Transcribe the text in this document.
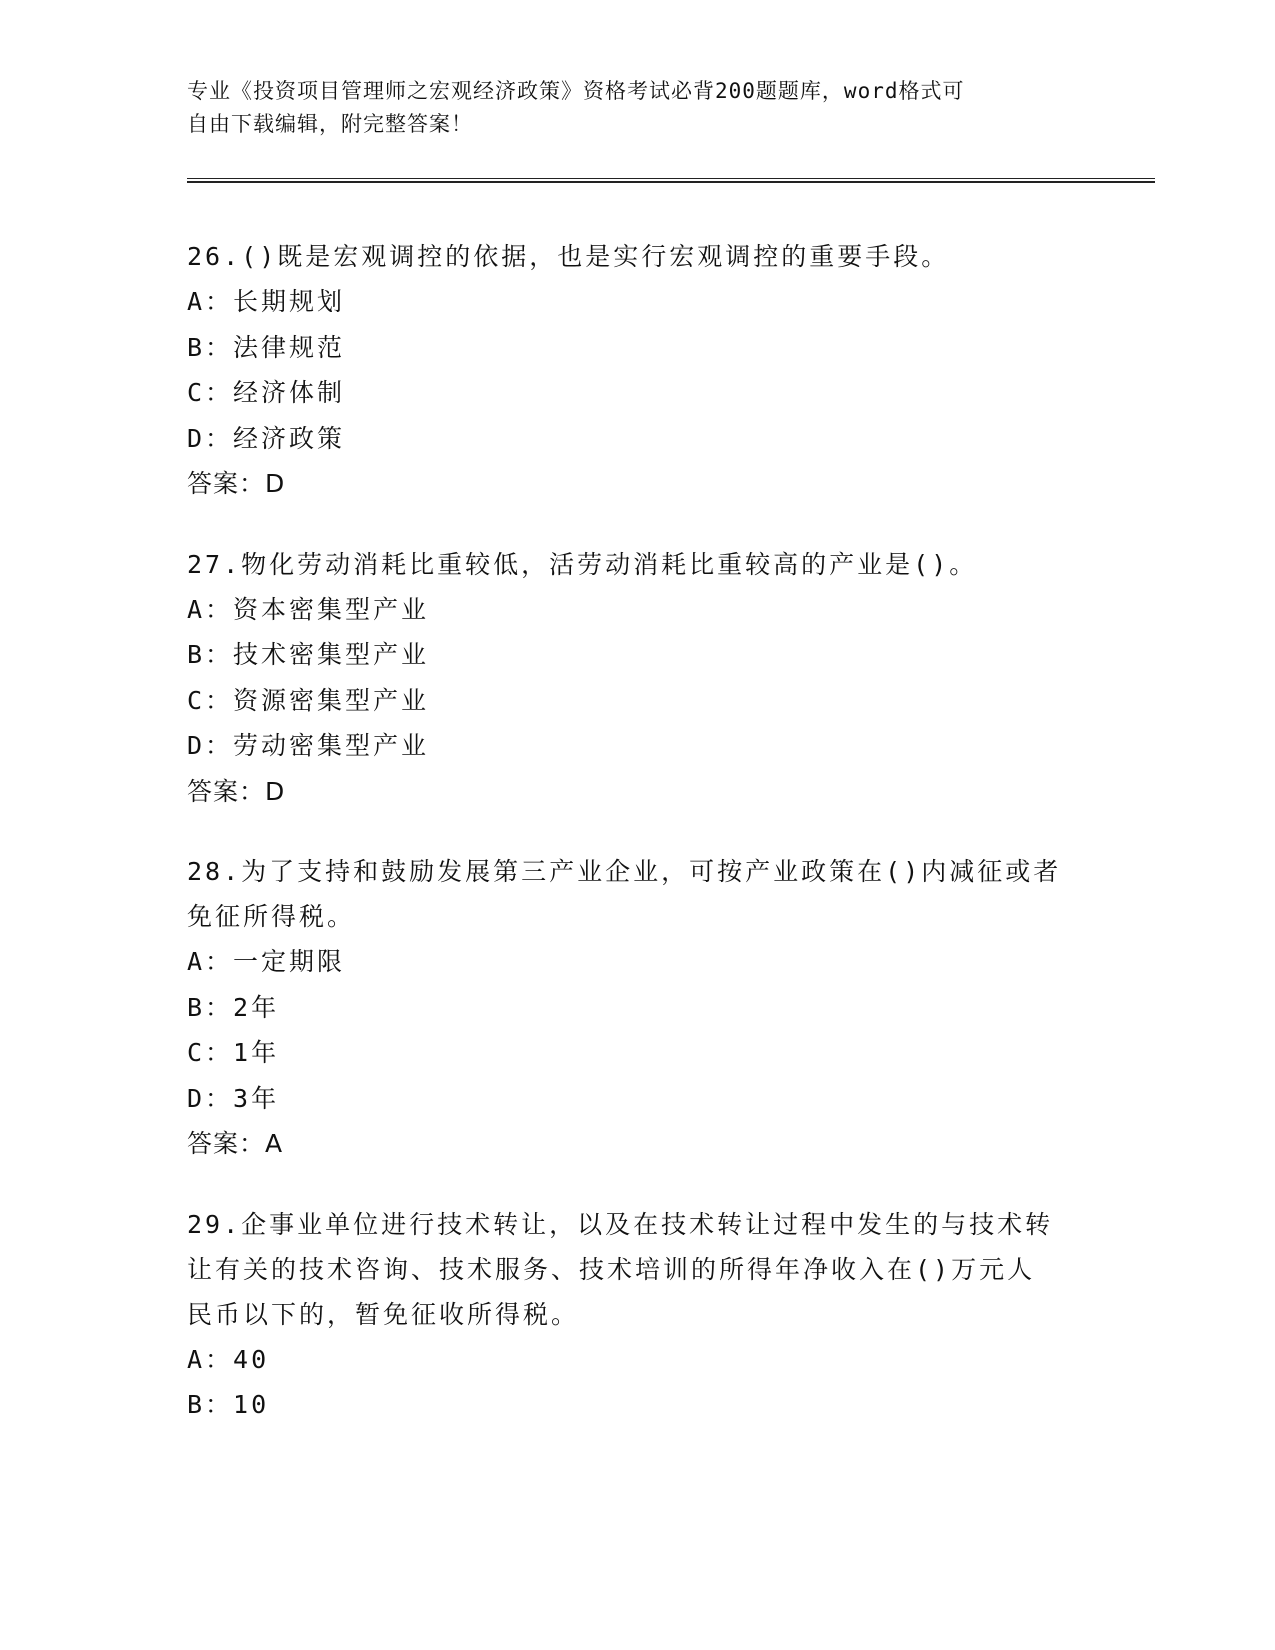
专业《投资项目管理师之宏观经济政策》资格考试必背200题题库，word格式可
自由下载编辑，附完整答案！

26.()既是宏观调控的依据，也是实行宏观调控的重要手段。

A：长期规划

B：法律规范

C：经济体制

D：经济政策

答案：D

27.物化劳动消耗比重较低，活劳动消耗比重较高的产业是()。

A：资本密集型产业

B：技术密集型产业

C：资源密集型产业

D：劳动密集型产业

答案：D

28.为了支持和鼓励发展第三产业企业，可按产业政策在()内减征或者

免征所得税。

A：一定期限

B：2年

C：1年

D：3年

答案：A

29.企事业单位进行技术转让，以及在技术转让过程中发生的与技术转

让有关的技术咨询、技术服务、技术培训的所得年净收入在()万元人

民币以下的，暂免征收所得税。

A：40

B：10
